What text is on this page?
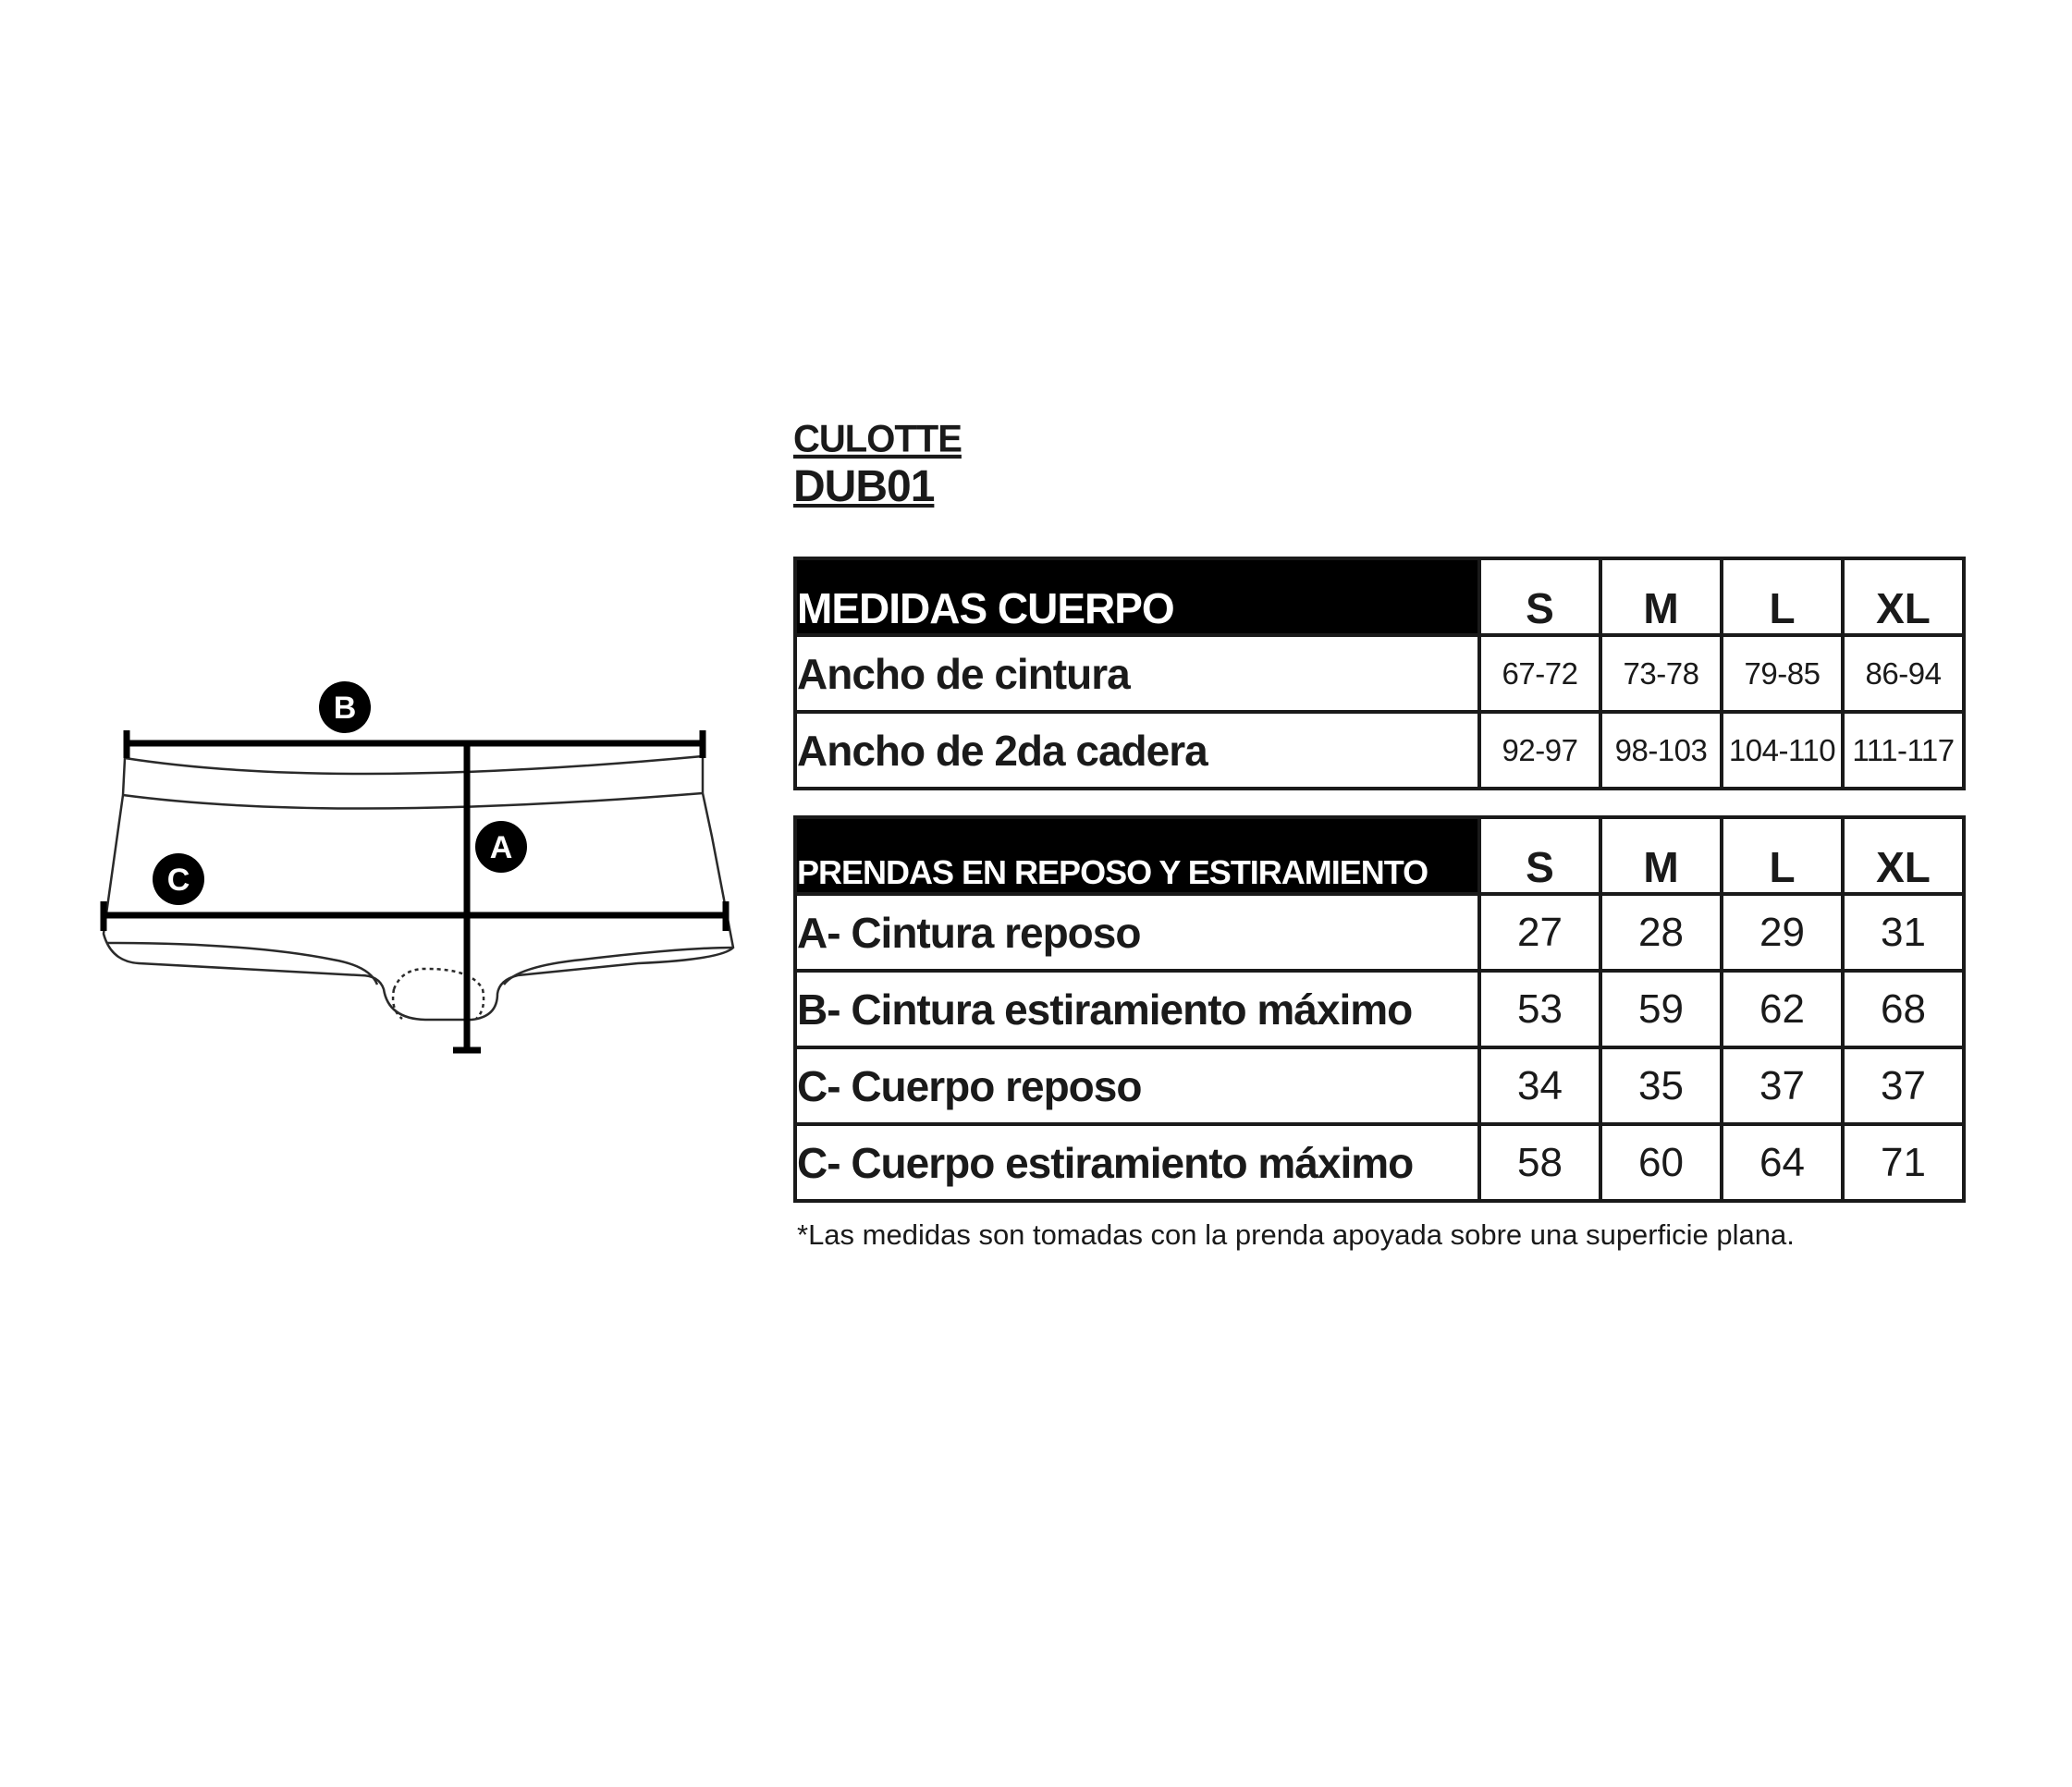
B
A
C
CULOTTE
DUB01
MEDIDAS CUERPO	S	M	L	XL
Ancho de cintura	67-72	73-78	79-85	86-94
Ancho de 2da cadera	92-97	98-103	104-110	111-117
PRENDAS EN REPOSO Y ESTIRAMIENTO	S	M	L	XL
A- Cintura reposo	27	28	29	31
B- Cintura estiramiento máximo	53	59	62	68
C- Cuerpo reposo	34	35	37	37
C- Cuerpo estiramiento máximo	58	60	64	71
*Las medidas son tomadas con la prenda apoyada sobre una superficie plana.
